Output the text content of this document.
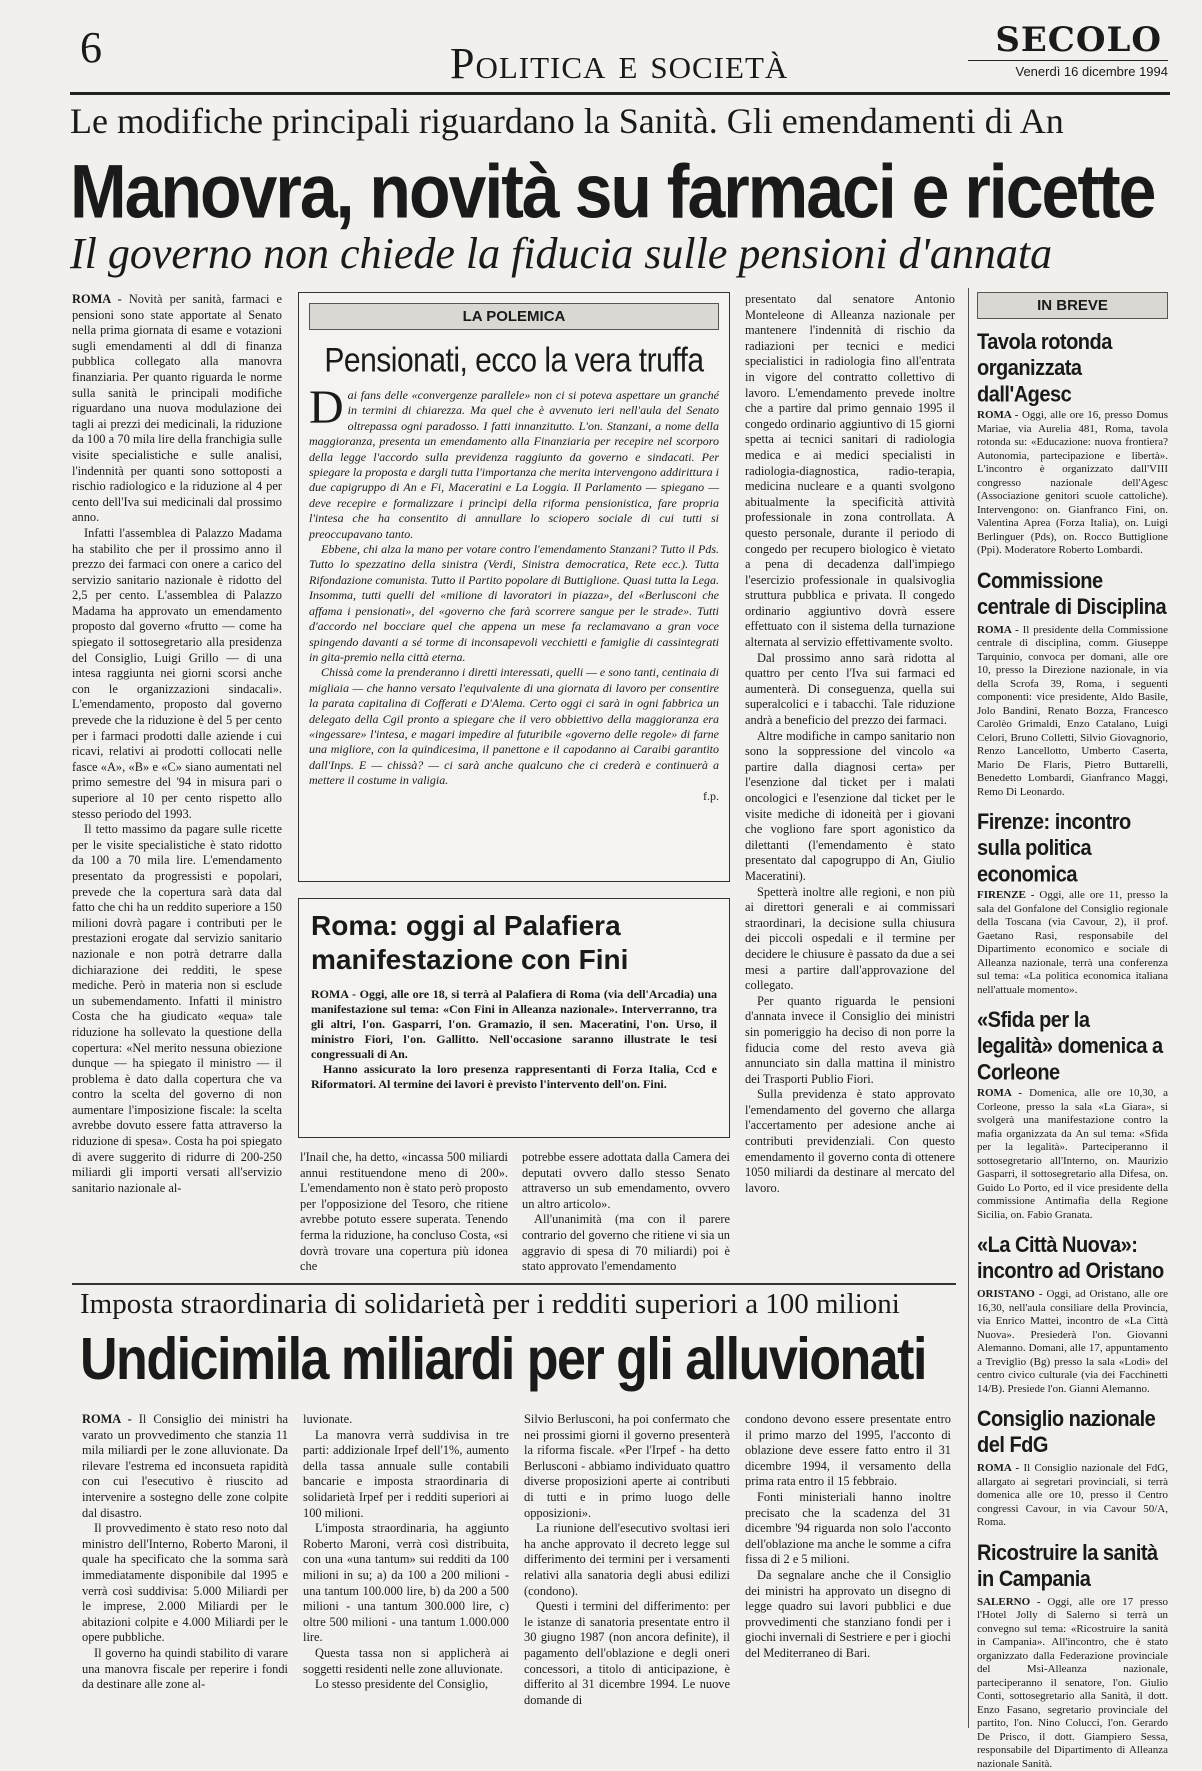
6	Politica e società	SECOLO
Venerdì 16 dicembre 1994
Le modifiche principali riguardano la Sanità. Gli emendamenti di An
Manovra, novità su farmaci e ricette
Il governo non chiede la fiducia sulle pensioni d'annata

ROMA - Novità per sanità, farmaci e pensioni sono state apportate al Senato nella prima giornata di esame e votazioni sugli emendamenti al ddl di finanza pubblica collegato alla manovra finanziaria. Per quanto riguarda le norme sulla sanità le principali modifiche riguardano una nuova modulazione dei tagli ai prezzi dei medicinali, la riduzione da 100 a 70 mila lire della franchigia sulle visite specialistiche e sulle analisi, l'indennità per quanti sono sottoposti a rischio radiologico e la riduzione al 4 per cento dell'Iva sui medicinali dal prossimo anno.

Infatti l'assemblea di Palazzo Madama ha stabilito che per il prossimo anno il prezzo dei farmaci con onere a carico del servizio sanitario nazionale è ridotto del 2,5 per cento. L'assemblea di Palazzo Madama ha approvato un emendamento proposto dal governo «frutto — come ha spiegato il sottosegretario alla presidenza del Consiglio, Luigi Grillo — di una intesa raggiunta nei giorni scorsi anche con le organizzazioni sindacali». L'emendamento, proposto dal governo prevede che la riduzione è del 5 per cento per i farmaci prodotti dalle aziende i cui ricavi, relativi ai prodotti collocati nelle fasce «A», «B» e «C» siano aumentati nel primo semestre del '94 in misura pari o superiore al 10 per cento rispetto allo stesso periodo del 1993.

Il tetto massimo da pagare sulle ricette per le visite specialistiche è stato ridotto da 100 a 70 mila lire. L'emendamento presentato da progressisti e popolari, prevede che la copertura sarà data dal fatto che chi ha un reddito superiore a 150 milioni dovrà pagare i contributi per le prestazioni erogate dal servizio sanitario nazionale e non potrà detrarre dalla dichiarazione dei redditi, le spese mediche. Però in materia non si esclude un subemendamento. Infatti il ministro Costa che ha giudicato «equa» tale riduzione ha sollevato la questione della copertura: «Nel merito nessuna obiezione dunque — ha spiegato il ministro — il problema è dato dalla copertura che va contro la scelta del governo di non aumentare l'imposizione fiscale: la scelta avrebbe dovuto essere fatta attraverso la riduzione di spesa». Costa ha poi spiegato di avere suggerito di ridurre di 200-250 miliardi gli importi versati all'servizio sanitario nazionale al-

LA POLEMICA
Pensionati, ecco la vera truffa

Dai fans delle «convergenze parallele» non ci si poteva aspettare un granché in termini di chiarezza. Ma quel che è avvenuto ieri nell'aula del Senato oltrepassa ogni paradosso. I fatti innanzitutto. L'on. Stanzani, a nome della maggioranza, presenta un emendamento alla Finanziaria per recepire nel scorporo della legge l'accordo sulla previdenza raggiunto da governo e sindacati. Per spiegare la proposta e dargli tutta l'importanza che merita intervengono addirittura i due capigruppo di An e Fi, Maceratini e La Loggia. Il Parlamento — spiegano — deve recepire e formalizzare i princìpi della riforma pensionistica, fare propria l'intesa che ha consentito di annullare lo sciopero sociale di cui tutti si preoccupavano tanto.

Ebbene, chi alza la mano per votare contro l'emendamento Stanzani? Tutto il Pds. Tutto lo spezzatino della sinistra (Verdi, Sinistra democratica, Rete ecc.). Tutta Rifondazione comunista. Tutto il Partito popolare di Buttiglione. Quasi tutta la Lega. Insomma, tutti quelli del «milione di lavoratori in piazza», del «Berlusconi che affama i pensionati», del «governo che farà scorrere sangue per le strade». Tutti d'accordo nel bocciare quel che appena un mese fa reclamavano a gran voce spingendo davanti a sé torme di inconsapevoli vecchietti e famiglie di cassintegrati in gita-premio nella città eterna.

Chissà come la prenderanno i diretti interessati, quelli — e sono tanti, centinaia di migliaia — che hanno versato l'equivalente di una giornata di lavoro per consentire la parata capitalina di Cofferati e D'Alema. Certo oggi ci sarà in ogni fabbrica un delegato della Cgil pronto a spiegare che il vero obbiettivo della maggioranza era «ingessare» l'intesa, e magari impedire al futuribile «governo delle regole» di farne una migliore, con la quindicesima, il panettone e il capodanno ai Caraibi garantito dall'Inps. E — chissà? — ci sarà anche qualcuno che ci crederà e continuerà a mettere il costume in valigia.

f.p.
Roma: oggi al Palafiera manifestazione con Fini

ROMA - Oggi, alle ore 18, si terrà al Palafiera di Roma (via dell'Arcadia) una manifestazione sul tema: «Con Fini in Alleanza nazionale». Interverranno, tra gli altri, l'on. Gasparri, l'on. Gramazio, il sen. Maceratini, l'on. Urso, il ministro Fiori, l'on. Gallitto. Nell'occasione saranno illustrate le tesi congressuali di An.

Hanno assicurato la loro presenza rappresentanti di Forza Italia, Ccd e Riformatori. Al termine dei lavori è previsto l'intervento dell'on. Fini.

l'Inail che, ha detto, «incassa 500 miliardi annui restituendone meno di 200». L'emendamento non è stato però proposto per l'opposizione del Tesoro, che ritiene avrebbe potuto essere superata. Tenendo ferma la riduzione, ha concluso Costa, «si dovrà trovare una copertura più idonea che

potrebbe essere adottata dalla Camera dei deputati ovvero dallo stesso Senato attraverso un sub emendamento, ovvero un altro articolo».

All'unanimità (ma con il parere contrario del governo che ritiene vi sia un aggravio di spesa di 70 miliardi) poi è stato approvato l'emendamento

presentato dal senatore Antonio Monteleone di Alleanza nazionale per mantenere l'indennità di rischio da radiazioni per tecnici e medici specialistici in radiologia fino all'entrata in vigore del contratto collettivo di lavoro. L'emendamento prevede inoltre che a partire dal primo gennaio 1995 il congedo ordinario aggiuntivo di 15 giorni spetta ai tecnici sanitari di radiologia medica e ai medici specialisti in radiologia-diagnostica, radio-terapia, medicina nucleare e a quanti svolgono abitualmente la specificità attività professionale in zona controllata. A questo personale, durante il periodo di congedo per recupero biologico è vietato a pena di decadenza dall'impiego l'esercizio professionale in qualsivoglia struttura pubblica e privata. Il congedo ordinario aggiuntivo dovrà essere effettuato con il sistema della turnazione alternata al servizio effettivamente svolto.

Dal prossimo anno sarà ridotta al quattro per cento l'Iva sui farmaci ed aumenterà. Di conseguenza, quella sui superalcolici e i tabacchi. Tale riduzione andrà a beneficio del prezzo dei farmaci.

Altre modifiche in campo sanitario non sono la soppressione del vincolo «a partire dalla diagnosi certa» per l'esenzione dal ticket per i malati oncologici e l'esenzione dal ticket per le visite mediche di idoneità per i giovani che vogliono fare sport agonistico da dilettanti (l'emendamento è stato presentato dal capogruppo di An, Giulio Maceratini).

Spetterà inoltre alle regioni, e non più ai direttori generali e ai commissari straordinari, la decisione sulla chiusura dei piccoli ospedali e il termine per decidere le chiusure è passato da due a sei mesi a partire dall'approvazione del collegato.

Per quanto riguarda le pensioni d'annata invece il Consiglio dei ministri sin pomeriggio ha deciso di non porre la fiducia come del resto aveva già annunciato sin dalla mattina il ministro dei Trasporti Publio Fiori.

Sulla previdenza è stato approvato l'emendamento del governo che allarga l'accertamento per adesione anche ai contributi previdenziali. Con questo emendamento il governo conta di ottenere 1050 miliardi da destinare al mercato del lavoro.

IN BREVE
Tavola rotonda organizzata dall'Agesc
ROMA - Oggi, alle ore 16, presso Domus Mariae, via Aurelia 481, Roma, tavola rotonda su: «Educazione: nuova frontiera? Autonomia, partecipazione e libertà». L'incontro è organizzato dall'VIII congresso nazionale dell'Agesc (Associazione genitori scuole cattoliche). Intervengono: on. Gianfranco Fini, on. Valentina Aprea (Forza Italia), on. Luigi Berlinguer (Pds), on. Rocco Buttiglione (Ppi). Moderatore Roberto Lombardi.
Commissione centrale di Disciplina
ROMA - Il presidente della Commissione centrale di disciplina, comm. Giuseppe Tarquinio, convoca per domani, alle ore 10, presso la Direzione nazionale, in via della Scrofa 39, Roma, i seguenti componenti: vice presidente, Aldo Basile, Jolo Bandini, Renato Bozza, Francesco Carolèo Grimaldi, Enzo Catalano, Luigi Celori, Bruno Colletti, Silvio Giovagnorio, Renzo Lancellotto, Umberto Caserta, Mario De Flaris, Pietro Buttarelli, Benedetto Lombardi, Gianfranco Maggi, Remo Di Leonardo.
Firenze: incontro sulla politica economica
FIRENZE - Oggi, alle ore 11, presso la sala del Gonfalone del Consiglio regionale della Toscana (via Cavour, 2), il prof. Gaetano Rasi, responsabile del Dipartimento economico e sociale di Alleanza nazionale, terrà una conferenza sul tema: «La politica economica italiana nell'attuale momento».
«Sfida per la legalità» domenica a Corleone
ROMA - Domenica, alle ore 10,30, a Corleone, presso la sala «La Giara», si svolgerà una manifestazione contro la mafia organizzata da An sul tema: «Sfida per la legalità». Parteciperanno il sottosegretario all'Interno, on. Maurizio Gasparri, il sottosegretario alla Difesa, on. Guido Lo Porto, ed il vice presidente della commissione Antimafia della Regione Sicilia, on. Fabio Granata.
«La Città Nuova»: incontro ad Oristano
ORISTANO - Oggi, ad Oristano, alle ore 16,30, nell'aula consiliare della Provincia, via Enrico Mattei, incontro de «La Città Nuova». Presiederà l'on. Giovanni Alemanno. Domani, alle 17, appuntamento a Treviglio (Bg) presso la sala «Lodi» del centro civico culturale (via dei Facchinetti 14/B). Presiede l'on. Gianni Alemanno.
Consiglio nazionale del FdG
ROMA - Il Consiglio nazionale del FdG, allargato ai segretari provinciali, si terrà domenica alle ore 10, presso il Centro congressi Cavour, in via Cavour 50/A, Roma.
Ricostruire la sanità in Campania
SALERNO - Oggi, alle ore 17 presso l'Hotel Jolly di Salerno si terrà un convegno sul tema: «Ricostruire la sanità in Campania». All'incontro, che è stato organizzato dalla Federazione provinciale del Msi-Alleanza nazionale, parteciperanno il senatore, l'on. Giulio Conti, sottosegretario alla Sanità, il dott. Enzo Fasano, segretario provinciale del partito, l'on. Nino Colucci, l'on. Gerardo De Prisco, il dott. Giampiero Sessa, responsabile del Dipartimento di Alleanza nazionale Sanità.
Imposta straordinaria di solidarietà per i redditi superiori a 100 milioni
Undicimila miliardi per gli alluvionati

ROMA - Il Consiglio dei ministri ha varato un provvedimento che stanzia 11 mila miliardi per le zone alluvionate. Da rilevare l'estrema ed inconsueta rapidità con cui l'esecutivo è riuscito ad intervenire a sostegno delle zone colpite dal disastro.

Il provvedimento è stato reso noto dal ministro dell'Interno, Roberto Maroni, il quale ha specificato che la somma sarà immediatamente disponibile dal 1995 e verrà così suddivisa: 5.000 Miliardi per le imprese, 2.000 Miliardi per le abitazioni colpite e 4.000 Miliardi per le opere pubbliche.

Il governo ha quindi stabilito di varare una manovra fiscale per reperire i fondi da destinare alle zone al-

luvionate.

La manovra verrà suddivisa in tre parti: addizionale Irpef dell'1%, aumento della tassa annuale sulle contabili bancarie e imposta straordinaria di solidarietà Irpef per i redditi superiori ai 100 milioni.

L'imposta straordinaria, ha aggiunto Roberto Maroni, verrà così distribuita, con una «una tantum» sui redditi da 100 milioni in su; a) da 100 a 200 milioni - una tantum 100.000 lire, b) da 200 a 500 milioni - una tantum 300.000 lire, c) oltre 500 milioni - una tantum 1.000.000 lire.

Questa tassa non si applicherà ai soggetti residenti nelle zone alluvionate.

Lo stesso presidente del Consiglio,

Silvio Berlusconi, ha poi confermato che nei prossimi giorni il governo presenterà la riforma fiscale. «Per l'Irpef - ha detto Berlusconi - abbiamo individuato quattro diverse proposizioni aperte ai contributi di tutti e in primo luogo delle opposizioni».

La riunione dell'esecutivo svoltasi ieri ha anche approvato il decreto legge sul differimento dei termini per i versamenti relativi alla sanatoria degli abusi edilizi (condono).

Questi i termini del differimento: per le istanze di sanatoria presentate entro il 30 giugno 1987 (non ancora definite), il pagamento dell'oblazione e degli oneri concessori, a titolo di anticipazione, è differito al 31 dicembre 1994. Le nuove domande di

condono devono essere presentate entro il primo marzo del 1995, l'acconto di oblazione deve essere fatto entro il 31 dicembre 1994, il versamento della prima rata entro il 15 febbraio.

Fonti ministeriali hanno inoltre precisato che la scadenza del 31 dicembre '94 riguarda non solo l'acconto dell'oblazione ma anche le somme a cifra fissa di 2 e 5 milioni.

Da segnalare anche che il Consiglio dei ministri ha approvato un disegno di legge quadro sui lavori pubblici e due provvedimenti che stanziano fondi per i giochi invernali di Sestriere e per i giochi del Mediterraneo di Bari.
